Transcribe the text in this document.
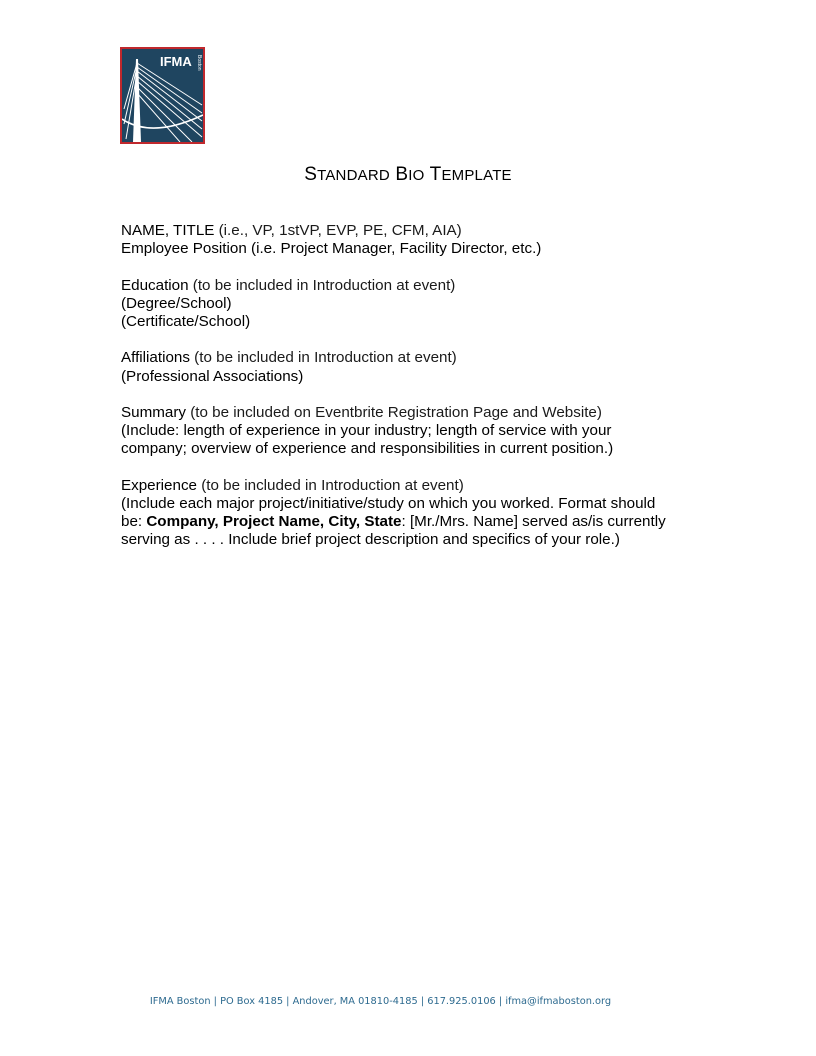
IFMA Boston
STANDARD BIO TEMPLATE

NAME, TITLE (i.e., VP, 1stVP, EVP, PE, CFM, AIA)

Employee Position (i.e. Project Manager, Facility Director, etc.)

Education (to be included in Introduction at event)

(Degree/School)

(Certificate/School)

Affiliations (to be included in Introduction at event)

(Professional Associations)

Summary (to be included on Eventbrite Registration Page and Website)

(Include: length of experience in your industry; length of service with your

company; overview of experience and responsibilities in current position.)

Experience (to be included in Introduction at event)

(Include each major project/initiative/study on which you worked. Format should

be: Company, Project Name, City, State: [Mr./Mrs. Name] served as/is currently

serving as . . . . Include brief project description and specifics of your role.)

IFMA Boston | PO Box 4185 | Andover, MA 01810-4185 | 617.925.0106 | ifma@ifmaboston.org
